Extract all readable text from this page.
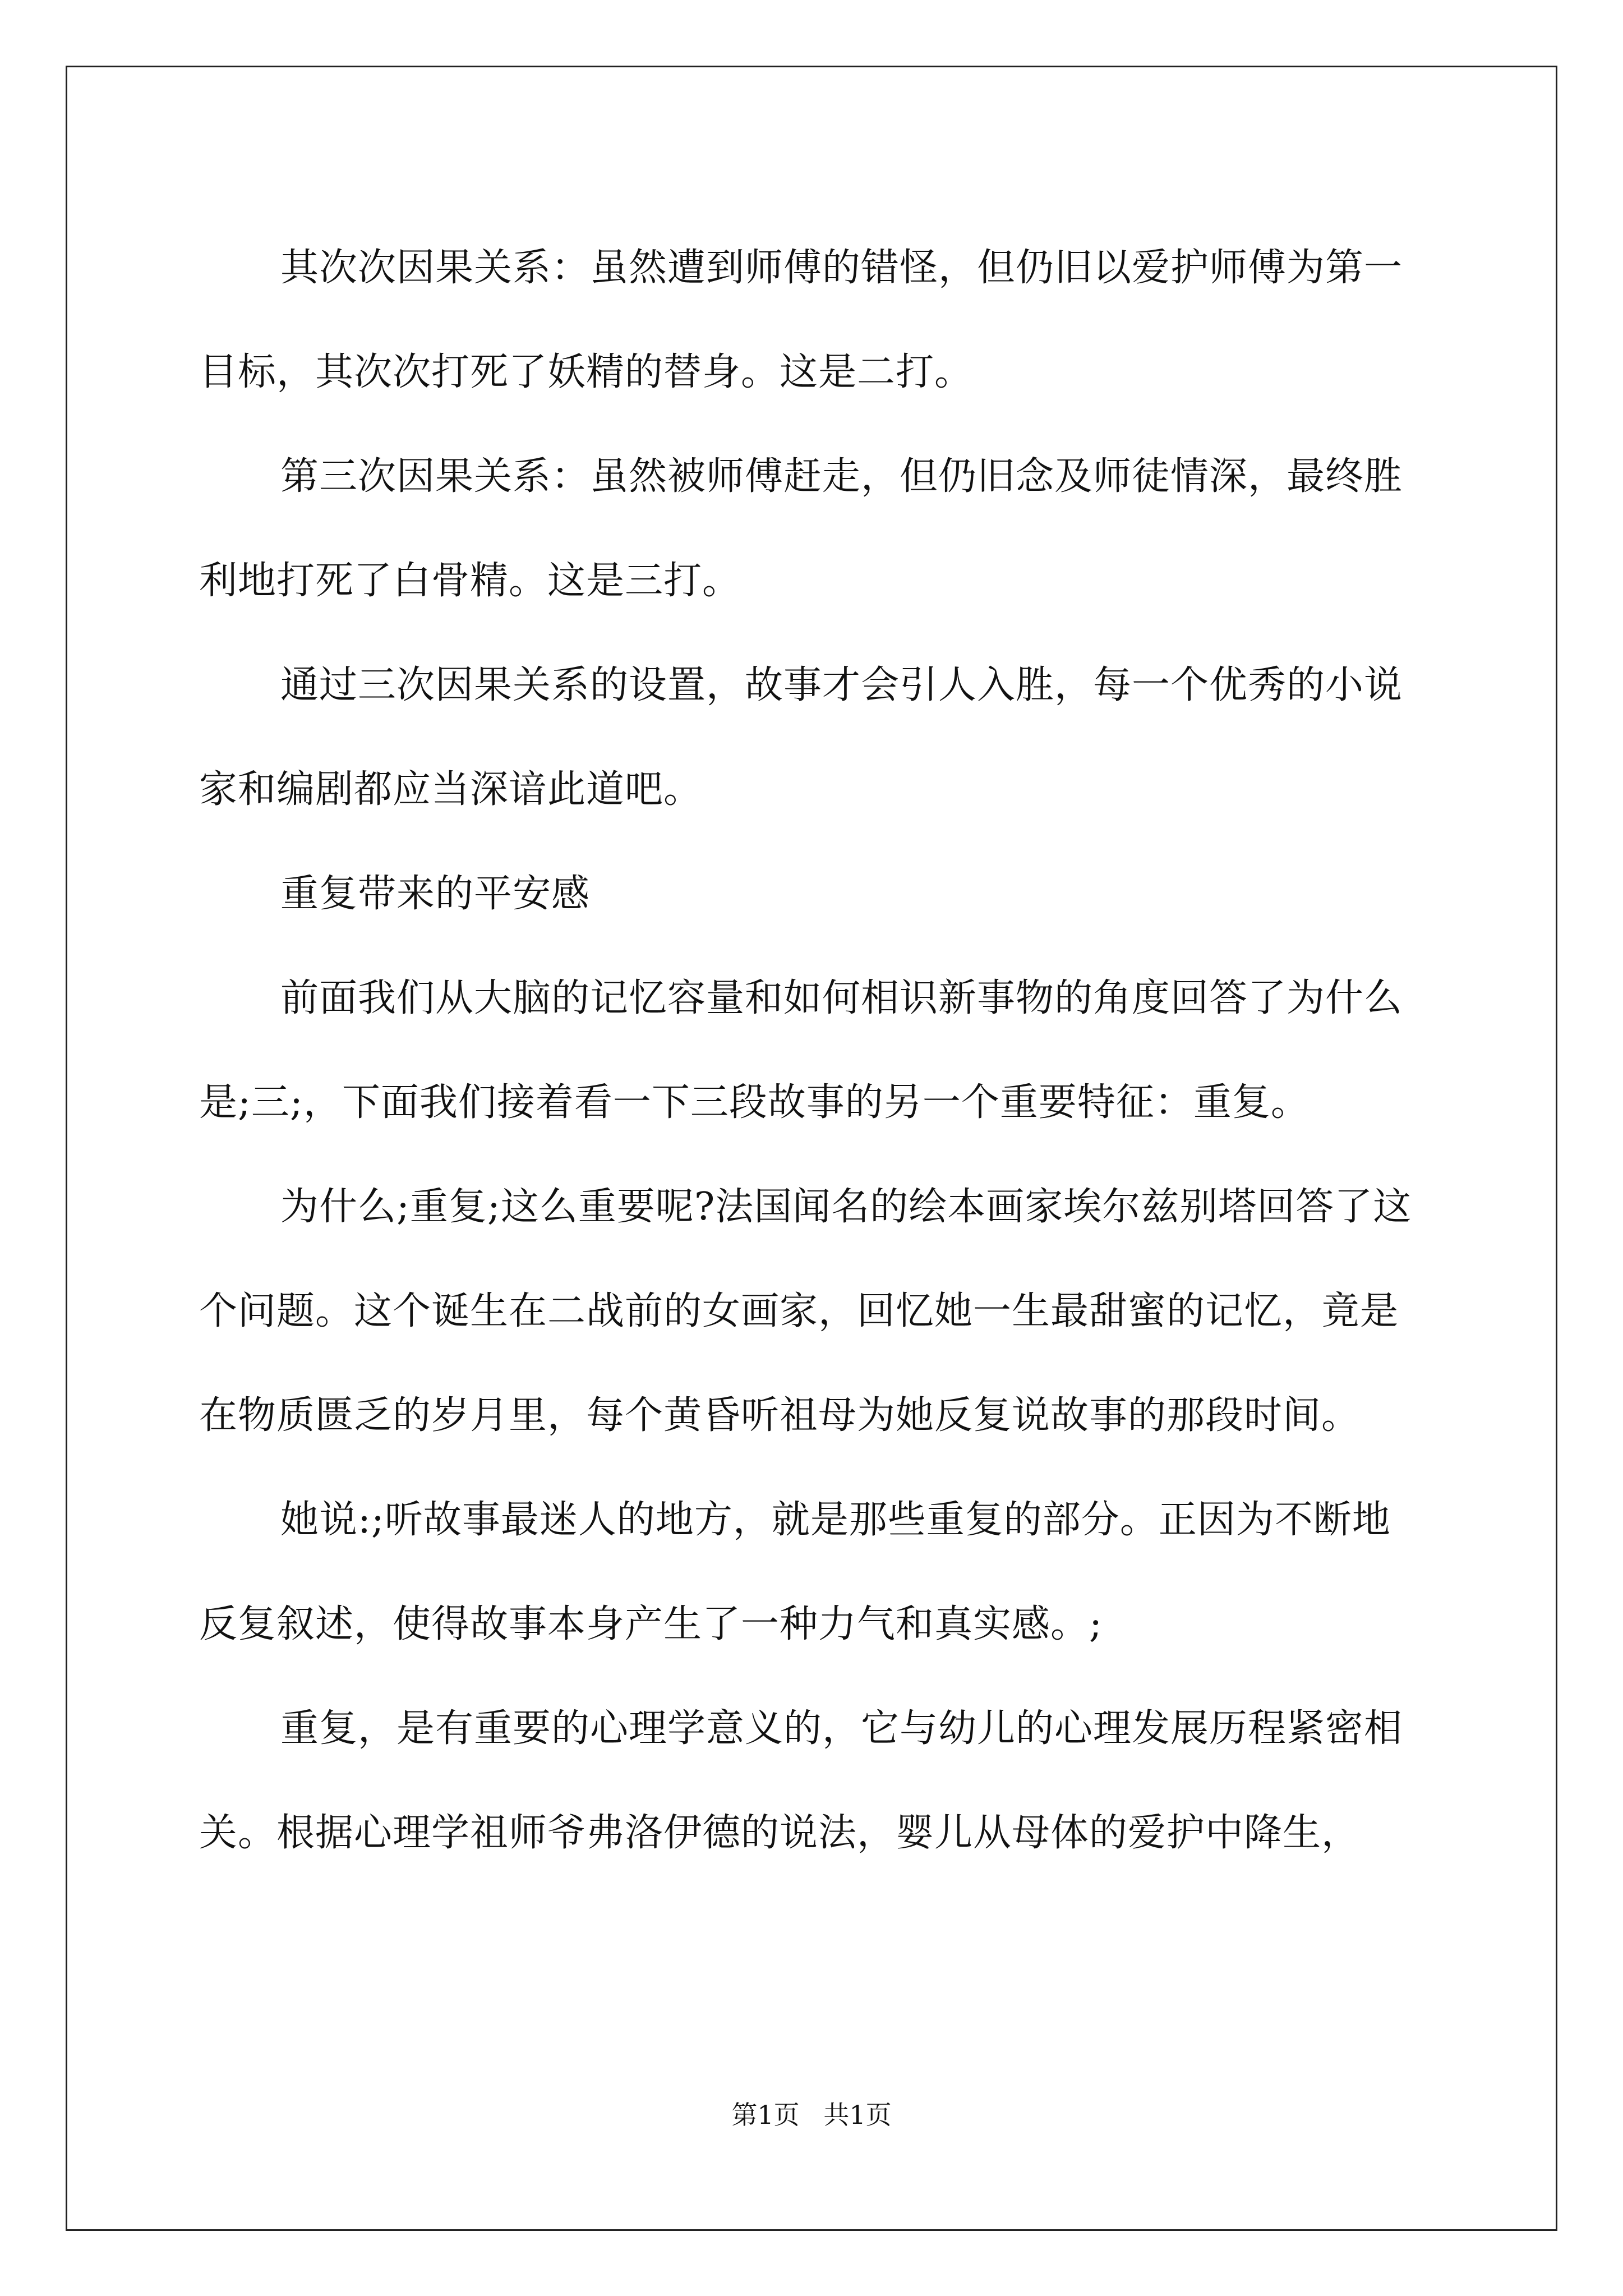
其次次因果关系：虽然遭到师傅的错怪，但仍旧以爱护师傅为第一目标，其次次打死了妖精的替身。这是二打。

第三次因果关系：虽然被师傅赶走，但仍旧念及师徒情深，最终胜利地打死了白骨精。这是三打。

通过三次因果关系的设置，故事才会引人入胜，每一个优秀的小说家和编剧都应当深谙此道吧。

重复带来的平安感

前面我们从大脑的记忆容量和如何相识新事物的角度回答了为什么是;三;，下面我们接着看一下三段故事的另一个重要特征：重复。

为什么;重复;这么重要呢?法国闻名的绘本画家埃尔兹别塔回答了这个问题。这个诞生在二战前的女画家，回忆她一生最甜蜜的记忆，竟是在物质匮乏的岁月里，每个黄昏听祖母为她反复说故事的那段时间。

她说:;听故事最迷人的地方，就是那些重复的部分。正因为不断地反复叙述，使得故事本身产生了一种力气和真实感。;

重复，是有重要的心理学意义的，它与幼儿的心理发展历程紧密相关。根据心理学祖师爷弗洛伊德的说法，婴儿从母体的爱护中降生，

第1页 共1页
